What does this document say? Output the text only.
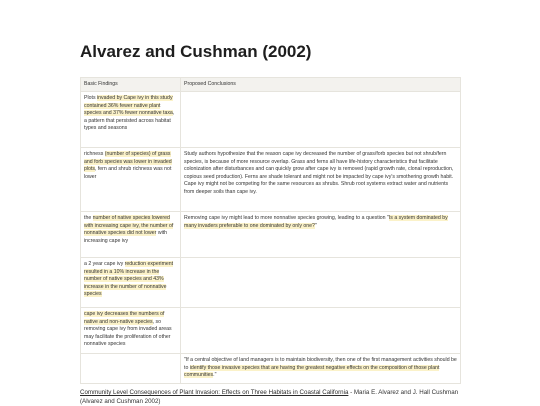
Alvarez and Cushman (2002)
Basic Findings	Proposed Conclusions
Plots invaded by Cape ivy in this study contained 36% fewer native plant species and 37% fewer nonnative taxa, a pattern that persisted across habitat types and seasons	
richness (number of species) of grass and forb species was lower in invaded plots, fern and shrub richness was not lower	Study authors hypothesize that the reason cape ivy decreased the number of grass/forb species but not shrub/fern species, is because of more resource overlap. Grass and ferns all have life-history characteristics that facilitate colonization after disturbances and can quickly grow after cape ivy is removed (rapid growth rate, clonal reproduction, copious seed production). Ferns are shade tolerant and might not be impacted by cape ivy's smothering growth habit. Cape ivy might not be competing for the same resources as shrubs. Shrub root systems extract water and nutrients from deeper soils than cape ivy.
the number of native species lowered with increasing cape ivy, the number of nonnative species did not lower with increasing cape ivy	Removing cape ivy might lead to more nonnative species growing, leading to a question "Is a system dominated by many invaders preferable to one dominated by only one?"
a 2 year cape ivy reduction experiment resulted in a 10% increase in the number of native species and 43% increase in the number of nonnative species	
cape ivy decreases the numbers of native and non-native species, so removing cape ivy from invaded areas may facilitate the proliferation of other nonnative species	
	"If a central objective of land managers is to maintain biodiversity, then one of the first management activities should be to identify those invasive species that are having the greatest negative effects on the composition of those plant communities."
Community Level Consequences of Plant Invasion: Effects on Three Habitats in Coastal California - Maria E. Alvarez and J. Hall Cushman (Alvarez and Cushman 2002)
